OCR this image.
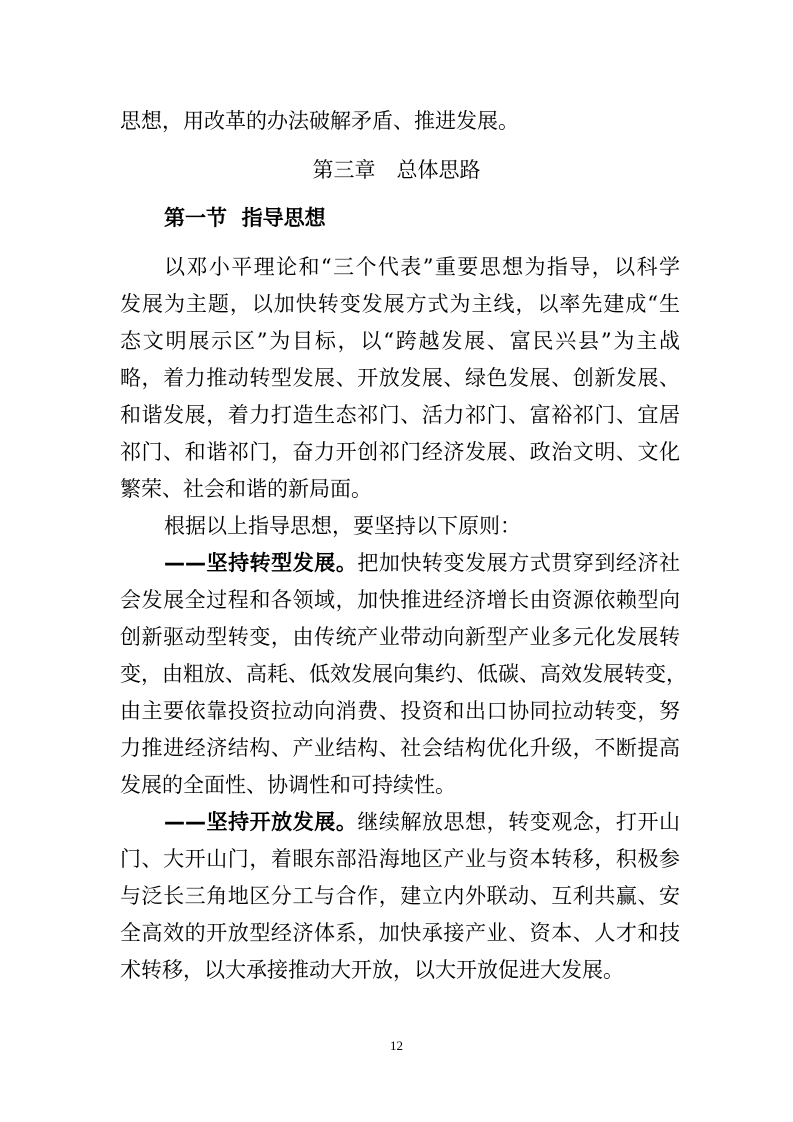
思想，用改革的办法破解矛盾、推进发展。
第三章　总体思路
第一节  指导思想
以邓小平理论和“三个代表”重要思想为指导，以科学
发展为主题，以加快转变发展方式为主线，以率先建成“生
态文明展示区”为目标，以“跨越发展、富民兴县”为主战
略，着力推动转型发展、开放发展、绿色发展、创新发展、
和谐发展，着力打造生态祁门、活力祁门、富裕祁门、宜居
祁门、和谐祁门，奋力开创祁门经济发展、政治文明、文化
繁荣、社会和谐的新局面。
根据以上指导思想，要坚持以下原则：
——坚持转型发展。把加快转变发展方式贯穿到经济社
会发展全过程和各领域，加快推进经济增长由资源依赖型向
创新驱动型转变，由传统产业带动向新型产业多元化发展转
变，由粗放、高耗、低效发展向集约、低碳、高效发展转变，
由主要依靠投资拉动向消费、投资和出口协同拉动转变，努
力推进经济结构、产业结构、社会结构优化升级，不断提高
发展的全面性、协调性和可持续性。
——坚持开放发展。继续解放思想，转变观念，打开山
门、大开山门，着眼东部沿海地区产业与资本转移，积极参
与泛长三角地区分工与合作，建立内外联动、互利共赢、安
全高效的开放型经济体系，加快承接产业、资本、人才和技
术转移，以大承接推动大开放，以大开放促进大发展。
12
